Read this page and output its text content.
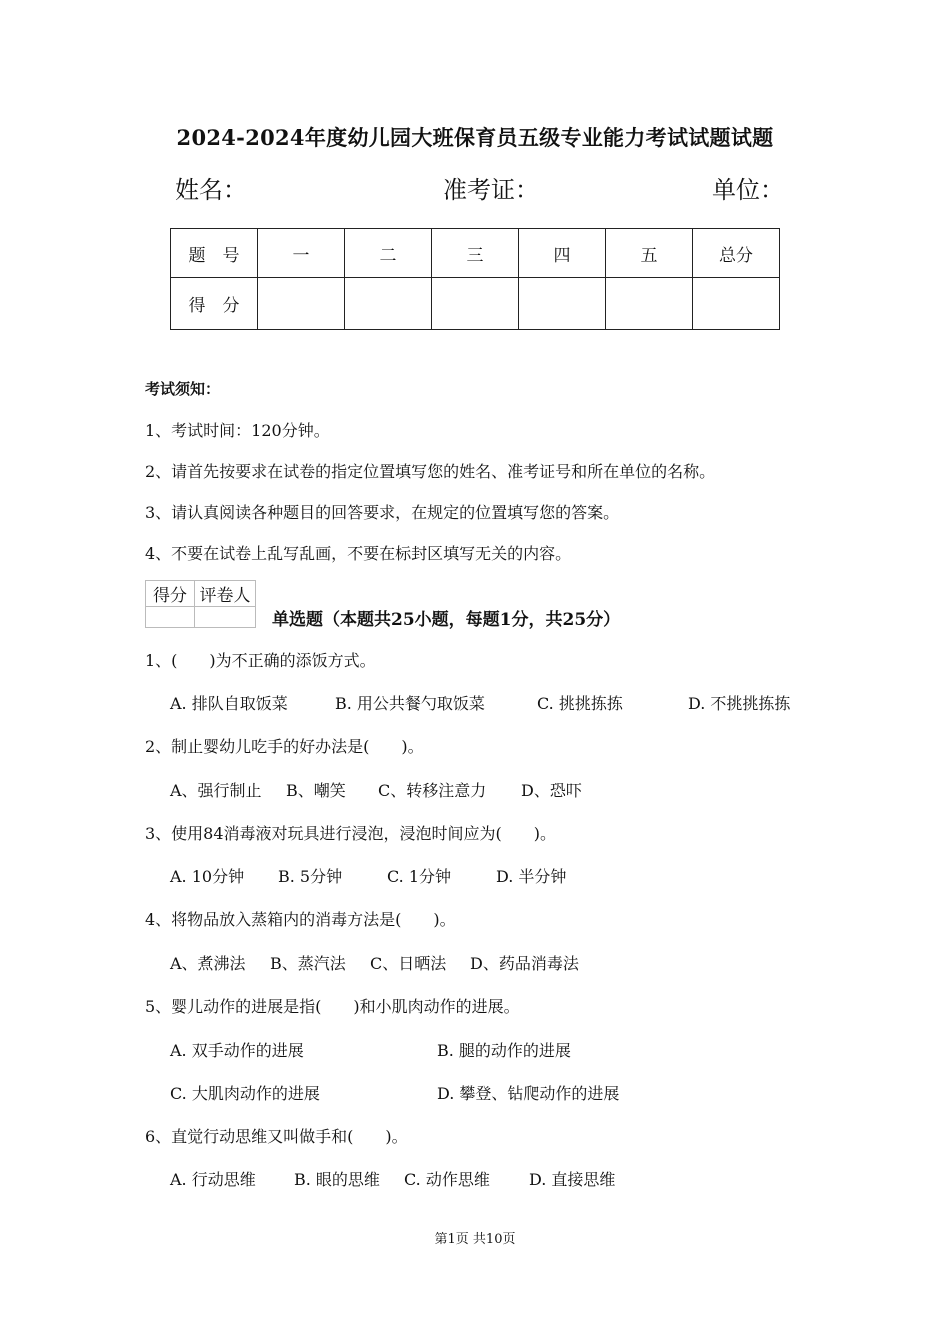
2024-2024年度幼儿园大班保育员五级专业能力考试试题试题
姓名：	准考证：	单位：
题　号	一	二	三	四	五	总分
得　分						
考试须知：
1、考试时间：120分钟。
2、请首先按要求在试卷的指定位置填写您的姓名、准考证号和所在单位的名称。
3、请认真阅读各种题目的回答要求，在规定的位置填写您的答案。
4、不要在试卷上乱写乱画，不要在标封区填写无关的内容。
得分	评卷人

单选题（本题共25小题，每题1分，共25分）
1、(　　)为不正确的添饭方式。
A. 排队自取饭菜	B. 用公共餐勺取饭菜	C. 挑挑拣拣	D. 不挑挑拣拣
2、制止婴幼儿吃手的好办法是(　　)。
A、强行制止 B、嘲笑 C、转移注意力 D、恐吓
3、使用84消毒液对玩具进行浸泡，浸泡时间应为(　　)。
A. 10分钟 B. 5分钟	C. 1分钟	D. 半分钟
4、将物品放入蒸箱内的消毒方法是(　　)。
A、煮沸法 B、蒸汽法 C、日晒法 D、药品消毒法
5、婴儿动作的进展是指(　　)和小肌肉动作的进展。
A. 双手动作的进展	B. 腿的动作的进展
C. 大肌肉动作的进展	D. 攀登、钻爬动作的进展
6、直觉行动思维又叫做手和(　　)。
A. 行动思维 B. 眼的思维 C. 动作思维 D. 直接思维
第1页 共10页
